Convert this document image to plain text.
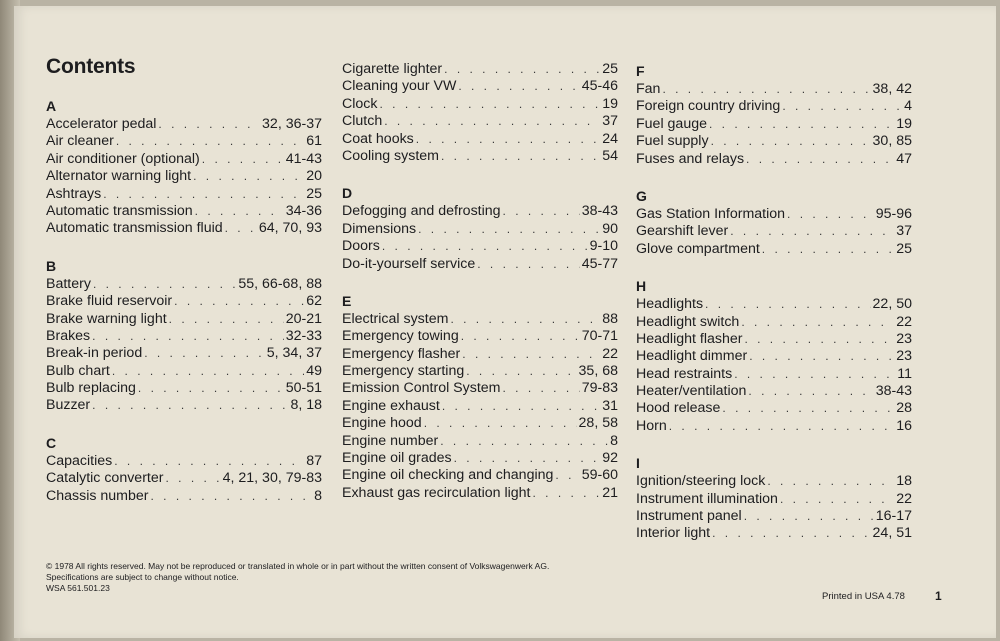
Contents
A
Accelerator pedal . . .	32, 36-37
Air cleaner . . .	61
Air conditioner (optional) . . .	41-43
Alternator warning light . . .	20
Ashtrays . . .	25
Automatic transmission . . .	34-36
Automatic transmission fluid . . .	64, 70, 93
B
Battery . . .	55, 66-68, 88
Brake fluid reservoir . . .	62
Brake warning light . . .	20-21
Brakes . . .	32-33
Break-in period . . .	5, 34, 37
Bulb chart . . .	49
Bulb replacing . . .	50-51
Buzzer . . .	8, 18
C
Capacities . . .	87
Catalytic converter . . .	4, 21, 30, 79-83
Chassis number . . .	8
Cigarette lighter . . .	25
Cleaning your VW . . .	45-46
Clock . . .	19
Clutch . . .	37
Coat hooks . . .	24
Cooling system . . .	54
D
Defogging and defrosting . . .	38-43
Dimensions . . .	90
Doors . . .	9-10
Do-it-yourself service . . .	45-77
E
Electrical system . . .	88
Emergency towing . . .	70-71
Emergency flasher . . .	22
Emergency starting . . .	35, 68
Emission Control System . . .	79-83
Engine exhaust . . .	31
Engine hood . . .	28, 58
Engine number . . .	8
Engine oil grades . . .	92
Engine oil checking and changing . . . 59-60
Exhaust gas recirculation light . . .	21
F
Fan . . .	38, 42
Foreign country driving . . .	4
Fuel gauge . . .	19
Fuel supply . . .	30, 85
Fuses and relays . . .	47
G
Gas Station Information . . .	95-96
Gearshift lever . . .	37
Glove compartment . . .	25
H
Headlights . . .	22, 50
Headlight switch . . .	22
Headlight flasher . . .	23
Headlight dimmer . . .	23
Head restraints . . .	11
Heater/ventilation . . .	38-43
Hood release . . .	28
Horn . . .	16
I
Ignition/steering lock . . .	18
Instrument illumination . . .	22
Instrument panel . . .	16-17
Interior light . . .	24, 51
© 1978 All rights reserved. May not be reproduced or translated in whole or in part without the written consent of Volkswagenwerk AG.
Specifications are subject to change without notice.
WSA 561.501.23
Printed in USA 4.78	1
